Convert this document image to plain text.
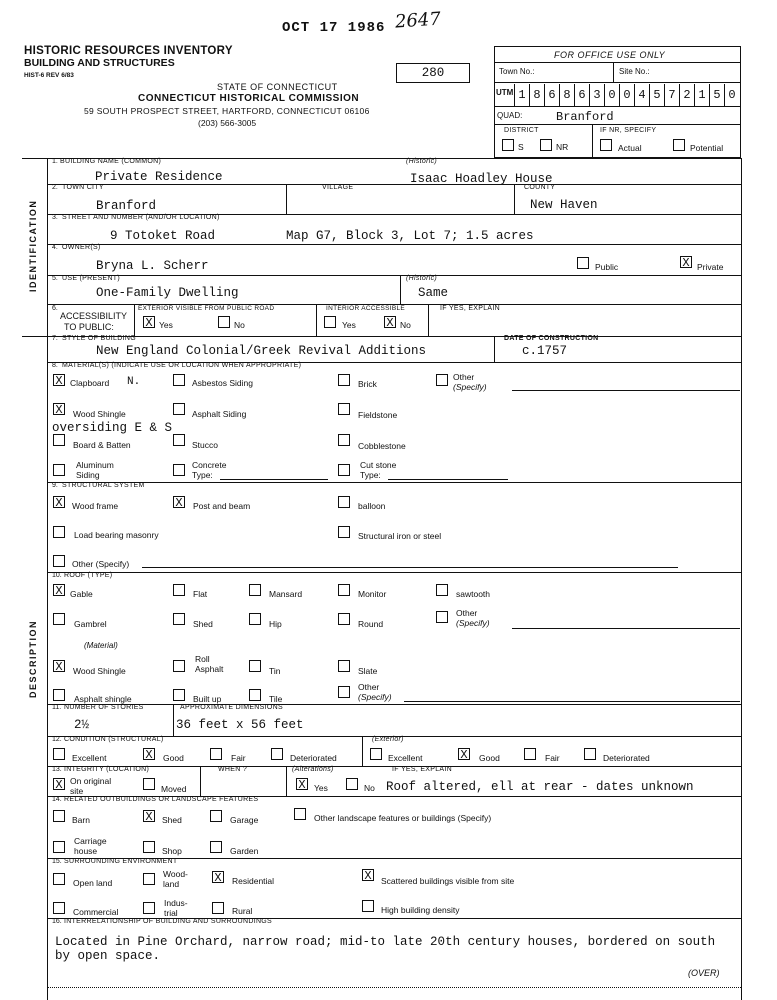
OCT 17 1986 2647
HISTORIC RESOURCES INVENTORY
BUILDING AND STRUCTURES
HIST-6 REV 6/83	280
STATE OF CONNECTICUT
CONNECTICUT HISTORICAL COMMISSION
59 SOUTH PROSPECT STREET, HARTFORD, CONNECTICUT 06106
(203) 566-3005
FOR OFFICE USE ONLY
Town No.:	Site No.:
UTM 1 8 6 8 6 3 0 0 4 5 7 2 1 5 0
QUAD:	Branford
DISTRICT	IF NR, SPECIFY
S	NR	Actual	Potential
IDENTIFICATION
DESCRIPTION
1. BUILDING NAME (COMMON)	(Historic)
Private Residence	Isaac Hoadley House
2. TOWN CITY	VILLAGE	COUNTY
Branford	New Haven
3. STREET AND NUMBER (AND/OR LOCATION)
9 Totoket Road	Map G7, Block 3, Lot 7; 1.5 acres
4. OWNER(S)
Bryna L. Scherr	Public	X Private
5. USE (PRESENT)	(Historic)
One-Family Dwelling	Same
6.
ACCESSIBILITY
TO PUBLIC:
EXTERIOR VISIBLE FROM PUBLIC ROAD
X Yes	No
INTERIOR ACCESSIBLE
Yes	X No
IF YES, EXPLAIN
7. STYLE OF BUILDING	DATE OF CONSTRUCTION
New England Colonial/Greek Revival Additions	c.1757
8. MATERIAL(S) (INDICATE USE OR LOCATION WHEN APPROPRIATE)
X Clapboard N.	Asbestos Siding	Brick
Other
(Specify)
X Wood Shingle	Asphalt Siding	Fieldstone
oversiding E & S
Board & Batten	Stucco	Cobblestone
Aluminum
Siding
Concrete
Type:
Cut stone
Type:
9. STRUCTURAL SYSTEM
X Wood frame	X Post and beam	balloon
Load bearing masonry	Structural iron or steel
Other (Specify)
10. ROOF (TYPE)
X Gable	Flat	Mansard	Monitor	sawtooth
Gambrel	Shed	Hip	Round
Other
(Specify)
(Material)
X Wood Shingle
Roll
Asphalt	Tin	Slate
Asphalt shingle	Built up	Tile
Other
(Specify)
11. NUMBER OF STORIES	APPROXIMATE DIMENSIONS
2½	36 feet x 56 feet
12. CONDITION (STRUCTURAL)	(Exterior)
Excellent	X Good	Fair	Deteriorated	Excellent	X Good	Fair	Deteriorated
13. INTEGRITY (LOCATION)	WHEN ?	(Alterations)	IF YES, EXPLAIN
X On original
site	Moved	X Yes	No Roof altered, ell at rear - dates unknown
14. RELATED OUTBUILDINGS OR LANDSCAPE FEATURES
Barn	X Shed	Garage	Other landscape features or buildings (Specify)
Carriage
house	Shop	Garden
15. SURROUNDING ENVIRONMENT
Open land
Wood-
land	X Residential	X Scattered buildings visible from site
Commercial
Indus-
trial	Rural	High building density
16. INTERRELATIONSHIP OF BUILDING AND SURROUNDINGS
Located in Pine Orchard, narrow road; mid-to late 20th century houses, bordered on south
by open space.
(OVER)
